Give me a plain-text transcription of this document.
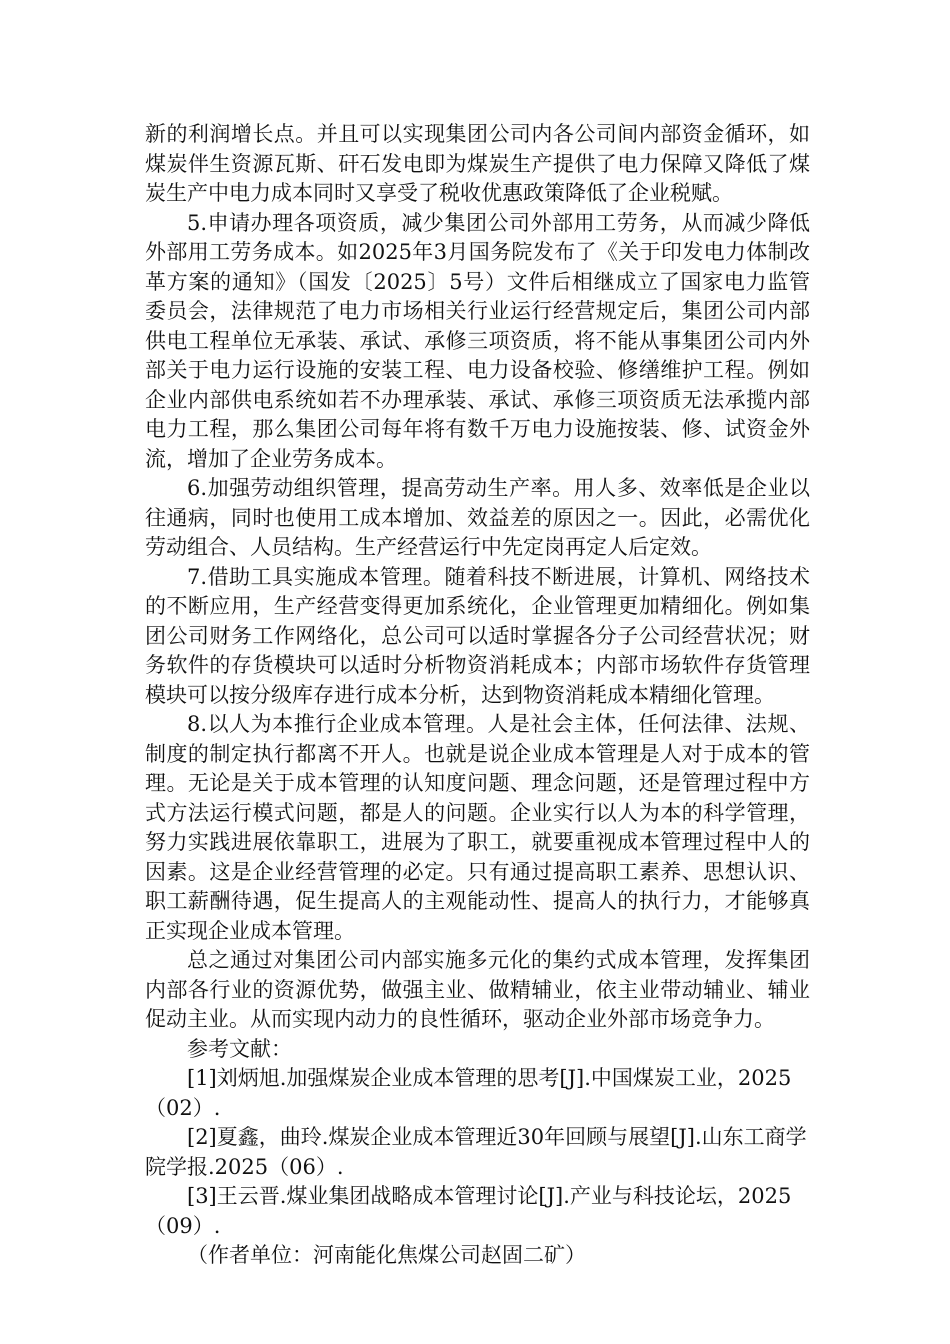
新的利润增长点。并且可以实现集团公司内各公司间内部资金循环，如煤炭伴生资源瓦斯、矸石发电即为煤炭生产提供了电力保障又降低了煤炭生产中电力成本同时又享受了税收优惠政策降低了企业税赋。

5.申请办理各项资质，减少集团公司外部用工劳务，从而减少降低外部用工劳务成本。如2025年3月国务院发布了《关于印发电力体制改革方案的通知》（国发〔2025〕5号）文件后相继成立了国家电力监管委员会，法律规范了电力市场相关行业运行经营规定后，集团公司内部供电工程单位无承装、承试、承修三项资质，将不能从事集团公司内外部关于电力运行设施的安装工程、电力设备校验、修缮维护工程。例如企业内部供电系统如若不办理承装、承试、承修三项资质无法承揽内部电力工程，那么集团公司每年将有数千万电力设施按装、修、试资金外流，增加了企业劳务成本。

6.加强劳动组织管理，提高劳动生产率。用人多、效率低是企业以往通病，同时也使用工成本增加、效益差的原因之一。因此，必需优化劳动组合、人员结构。生产经营运行中先定岗再定人后定效。

7.借助工具实施成本管理。随着科技不断进展，计算机、网络技术的不断应用，生产经营变得更加系统化，企业管理更加精细化。例如集团公司财务工作网络化，总公司可以适时掌握各分子公司经营状况；财务软件的存货模块可以适时分析物资消耗成本；内部市场软件存货管理模块可以按分级库存进行成本分析，达到物资消耗成本精细化管理。

8.以人为本推行企业成本管理。人是社会主体，任何法律、法规、制度的制定执行都离不开人。也就是说企业成本管理是人对于成本的管理。无论是关于成本管理的认知度问题、理念问题，还是管理过程中方式方法运行模式问题，都是人的问题。企业实行以人为本的科学管理，努力实践进展依靠职工，进展为了职工，就要重视成本管理过程中人的因素。这是企业经营管理的必定。只有通过提高职工素养、思想认识、职工薪酬待遇，促生提高人的主观能动性、提高人的执行力，才能够真正实现企业成本管理。

总之通过对集团公司内部实施多元化的集约式成本管理，发挥集团内部各行业的资源优势，做强主业、做精辅业，依主业带动辅业、辅业促动主业。从而实现内动力的良性循环，驱动企业外部市场竞争力。

参考文献：

[1]刘炳旭.加强煤炭企业成本管理的思考[J].中国煤炭工业，2025（02）.

[2]夏鑫，曲玲.煤炭企业成本管理近30年回顾与展望[J].山东工商学院学报.2025（06）.

[3]王云晋.煤业集团战略成本管理讨论[J].产业与科技论坛，2025（09）.

（作者单位：河南能化焦煤公司赵固二矿）
